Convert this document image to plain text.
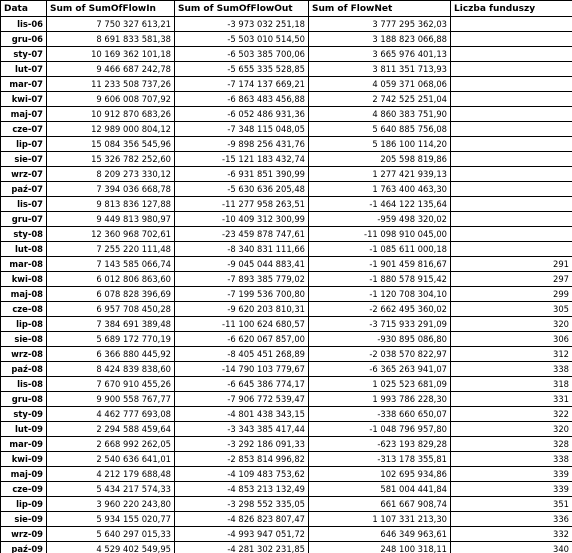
Data	Sum of SumOfFlowIn	Sum of SumOfFlowOut	Sum of FlowNet	Liczba funduszy
lis-06	7 750 327 613,21	-3 973 032 251,18	3 777 295 362,03	
gru-06	8 691 833 581,38	-5 503 010 514,50	3 188 823 066,88	
sty-07	10 169 362 101,18	-6 503 385 700,06	3 665 976 401,13	
lut-07	9 466 687 242,78	-5 655 335 528,85	3 811 351 713,93	
mar-07	11 233 508 737,26	-7 174 137 669,21	4 059 371 068,06	
kwi-07	9 606 008 707,92	-6 863 483 456,88	2 742 525 251,04	
maj-07	10 912 870 683,26	-6 052 486 931,36	4 860 383 751,90	
cze-07	12 989 000 804,12	-7 348 115 048,05	5 640 885 756,08	
lip-07	15 084 356 545,96	-9 898 256 431,76	5 186 100 114,20	
sie-07	15 326 782 252,60	-15 121 183 432,74	205 598 819,86	
wrz-07	8 209 273 330,12	-6 931 851 390,99	1 277 421 939,13	
paź-07	7 394 036 668,78	-5 630 636 205,48	1 763 400 463,30	
lis-07	9 813 836 127,88	-11 277 958 263,51	-1 464 122 135,64	
gru-07	9 449 813 980,97	-10 409 312 300,99	-959 498 320,02	
sty-08	12 360 968 702,61	-23 459 878 747,61	-11 098 910 045,00	
lut-08	7 255 220 111,48	-8 340 831 111,66	-1 085 611 000,18	
mar-08	7 143 585 066,74	-9 045 044 883,41	-1 901 459 816,67	291
kwi-08	6 012 806 863,60	-7 893 385 779,02	-1 880 578 915,42	297
maj-08	6 078 828 396,69	-7 199 536 700,80	-1 120 708 304,10	299
cze-08	6 957 708 450,28	-9 620 203 810,31	-2 662 495 360,02	305
lip-08	7 384 691 389,48	-11 100 624 680,57	-3 715 933 291,09	320
sie-08	5 689 172 770,19	-6 620 067 857,00	-930 895 086,80	306
wrz-08	6 366 880 445,92	-8 405 451 268,89	-2 038 570 822,97	312
paź-08	8 424 839 838,60	-14 790 103 779,67	-6 365 263 941,07	338
lis-08	7 670 910 455,26	-6 645 386 774,17	1 025 523 681,09	318
gru-08	9 900 558 767,77	-7 906 772 539,47	1 993 786 228,30	331
sty-09	4 462 777 693,08	-4 801 438 343,15	-338 660 650,07	322
lut-09	2 294 588 459,64	-3 343 385 417,44	-1 048 796 957,80	320
mar-09	2 668 992 262,05	-3 292 186 091,33	-623 193 829,28	328
kwi-09	2 540 636 641,01	-2 853 814 996,82	-313 178 355,81	338
maj-09	4 212 179 688,48	-4 109 483 753,62	102 695 934,86	339
cze-09	5 434 217 574,33	-4 853 213 132,49	581 004 441,84	339
lip-09	3 960 220 243,80	-3 298 552 335,05	661 667 908,74	351
sie-09	5 934 155 020,77	-4 826 823 807,47	1 107 331 213,30	336
wrz-09	5 640 297 015,33	-4 993 947 051,72	646 349 963,61	332
paź-09	4 529 402 549,95	-4 281 302 231,85	248 100 318,11	340
